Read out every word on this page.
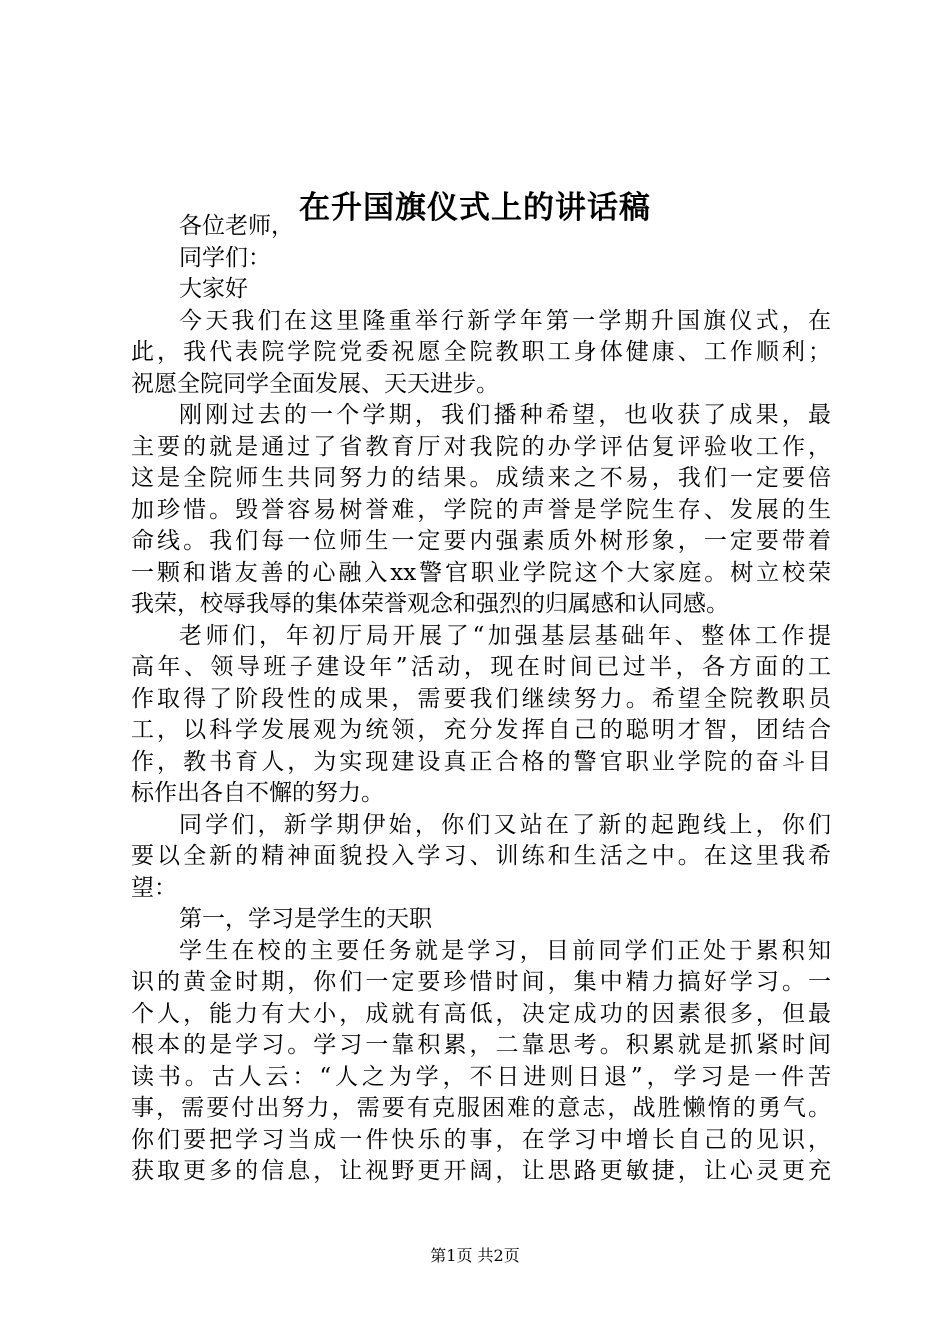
在升国旗仪式上的讲话稿
各位老师，
同学们：
大家好
今天我们在这里隆重举行新学年第一学期升国旗仪式，在
此，我代表院学院党委祝愿全院教职工身体健康、工作顺利；
祝愿全院同学全面发展、天天进步。
刚刚过去的一个学期，我们播种希望，也收获了成果，最
主要的就是通过了省教育厅对我院的办学评估复评验收工作，
这是全院师生共同努力的结果。成绩来之不易，我们一定要倍
加珍惜。毁誉容易树誉难，学院的声誉是学院生存、发展的生
命线。我们每一位师生一定要内强素质外树形象，一定要带着
一颗和谐友善的心融入xx警官职业学院这个大家庭。树立校荣
我荣，校辱我辱的集体荣誉观念和强烈的归属感和认同感。
老师们，年初厅局开展了“加强基层基础年、整体工作提
高年、领导班子建设年”活动，现在时间已过半，各方面的工
作取得了阶段性的成果，需要我们继续努力。希望全院教职员
工，以科学发展观为统领，充分发挥自己的聪明才智，团结合
作，教书育人，为实现建设真正合格的警官职业学院的奋斗目
标作出各自不懈的努力。
同学们，新学期伊始，你们又站在了新的起跑线上，你们
要以全新的精神面貌投入学习、训练和生活之中。在这里我希
望：
第一，学习是学生的天职
学生在校的主要任务就是学习，目前同学们正处于累积知
识的黄金时期，你们一定要珍惜时间，集中精力搞好学习。一
个人，能力有大小，成就有高低，决定成功的因素很多，但最
根本的是学习。学习一靠积累，二靠思考。积累就是抓紧时间
读书。古人云：“人之为学，不日进则日退”，学习是一件苦
事，需要付出努力，需要有克服困难的意志，战胜懒惰的勇气。
你们要把学习当成一件快乐的事，在学习中增长自己的见识，
获取更多的信息，让视野更开阔，让思路更敏捷，让心灵更充
第1页 共2页
